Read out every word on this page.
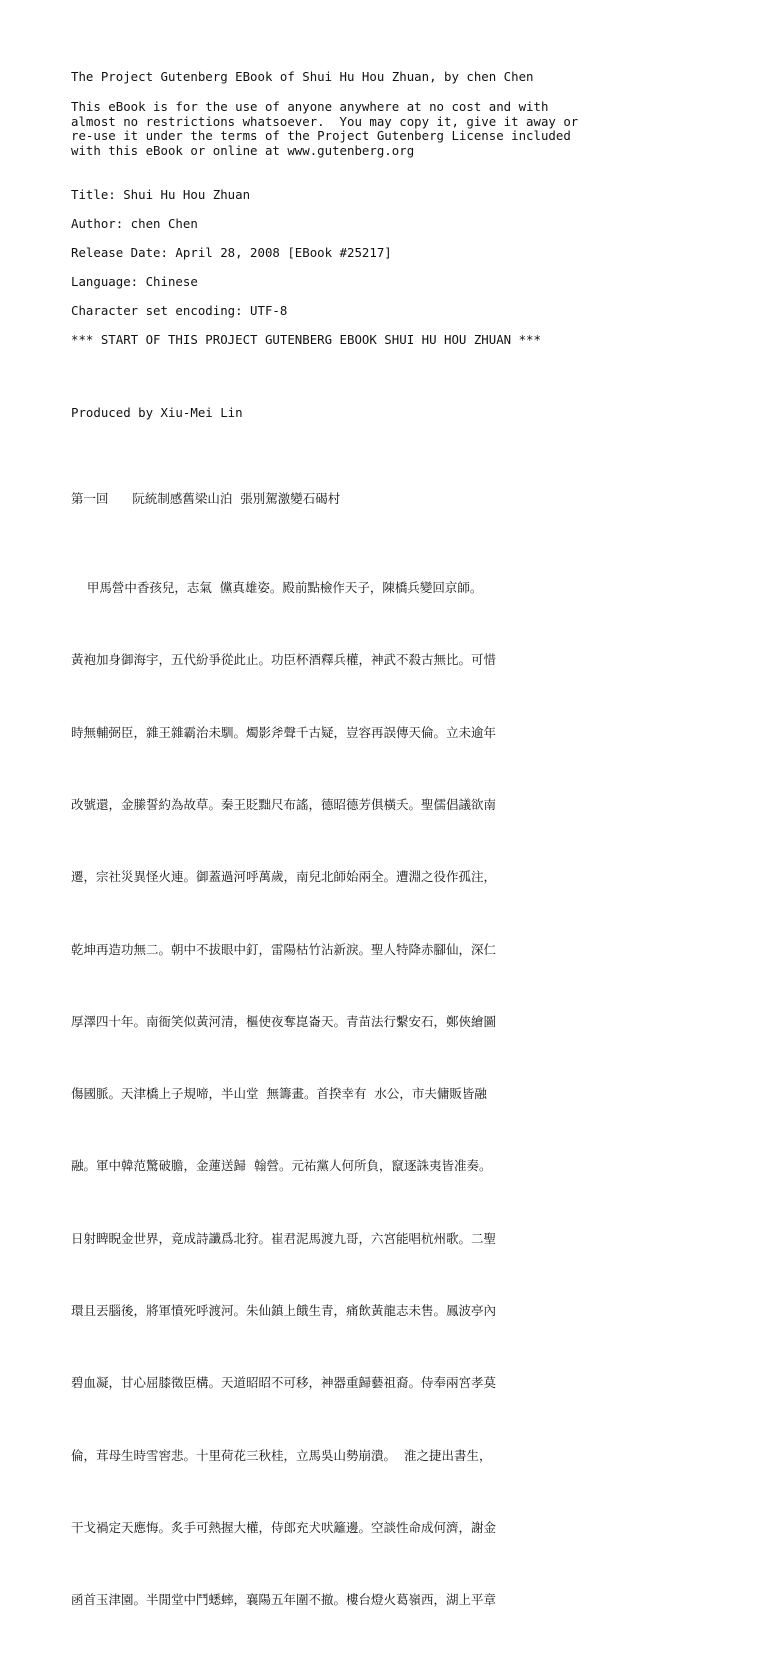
The Project Gutenberg EBook of Shui Hu Hou Zhuan, by chen Chen
This eBook is for the use of anyone anywhere at no cost and with
almost no restrictions whatsoever.  You may copy it, give it away or
re-use it under the terms of the Project Gutenberg License included
with this eBook or online at www.gutenberg.org
Title: Shui Hu Hou Zhuan
Author: chen Chen
Release Date: April 28, 2008 [EBook #25217]
Language: Chinese
Character set encoding: UTF-8
*** START OF THIS PROJECT GUTENBERG EBOOK SHUI HU HOU ZHUAN ***
Produced by Xiu-Mei Lin
第一回      阮統制感舊梁山泊  張別駕激變石碣村

甲馬營中香孩兒，志氣  儻真雄姿。殿前點檢作天子，陳橋兵變回京師。

黃袍加身御海宇，五代紛爭從此止。功臣杯酒釋兵權，神武不殺古無比。可惜

時無輔弼臣，雜王雜霸治未馴。燭影斧聲千古疑，豈容再誤傳天倫。立未逾年

改號還，金縢誓約為故草。秦王貶黜尺布謠，德昭德芳俱橫夭。聖儒倡議欲南

遷，宗社災異怪火連。御蓋過河呼萬歲，南兒北師始兩全。遭淵之役作孤注，

乾坤再造功無二。朝中不拔眼中釘，雷陽枯竹沾新淚。聖人特降赤腳仙，深仁

厚澤四十年。南衙笑似黃河清，樞使夜奪崑崙天。青苗法行繫安石，鄭俠繪圖

傷國脈。天津橋上子規啼，半山堂  無籌畫。首揆幸有  水公，市夫傭販皆融

融。軍中韓范驚破膽，金蓮送歸  翰營。元祐黨人何所負，竄逐誅夷皆准奏。

日射睥睨金世界，竟成詩讖爲北狩。崔君泥馬渡九哥，六宮能唱杭州歌。二聖

環且丟腦後，將軍憤死呼渡河。朱仙鎮上餓生青，痛飲黃龍志未售。鳳波亭內

碧血凝，甘心屈膝徵臣構。天道昭昭不可移，神器重歸藝祖裔。侍奉兩宮孝莫

倫，茸母生時雪窖悲。十里荷花三秋桂，立馬吳山勢崩潰。  淮之捷出書生，

干戈禍定天應悔。炙手可熱握大權，侍郎充犬吠籬邊。空談性命成何濟，謝金

函首玉津園。半閒堂中鬥蟋蟀，襄陽五年圍不撤。樓台燈火葛嶺西，湖上平章
